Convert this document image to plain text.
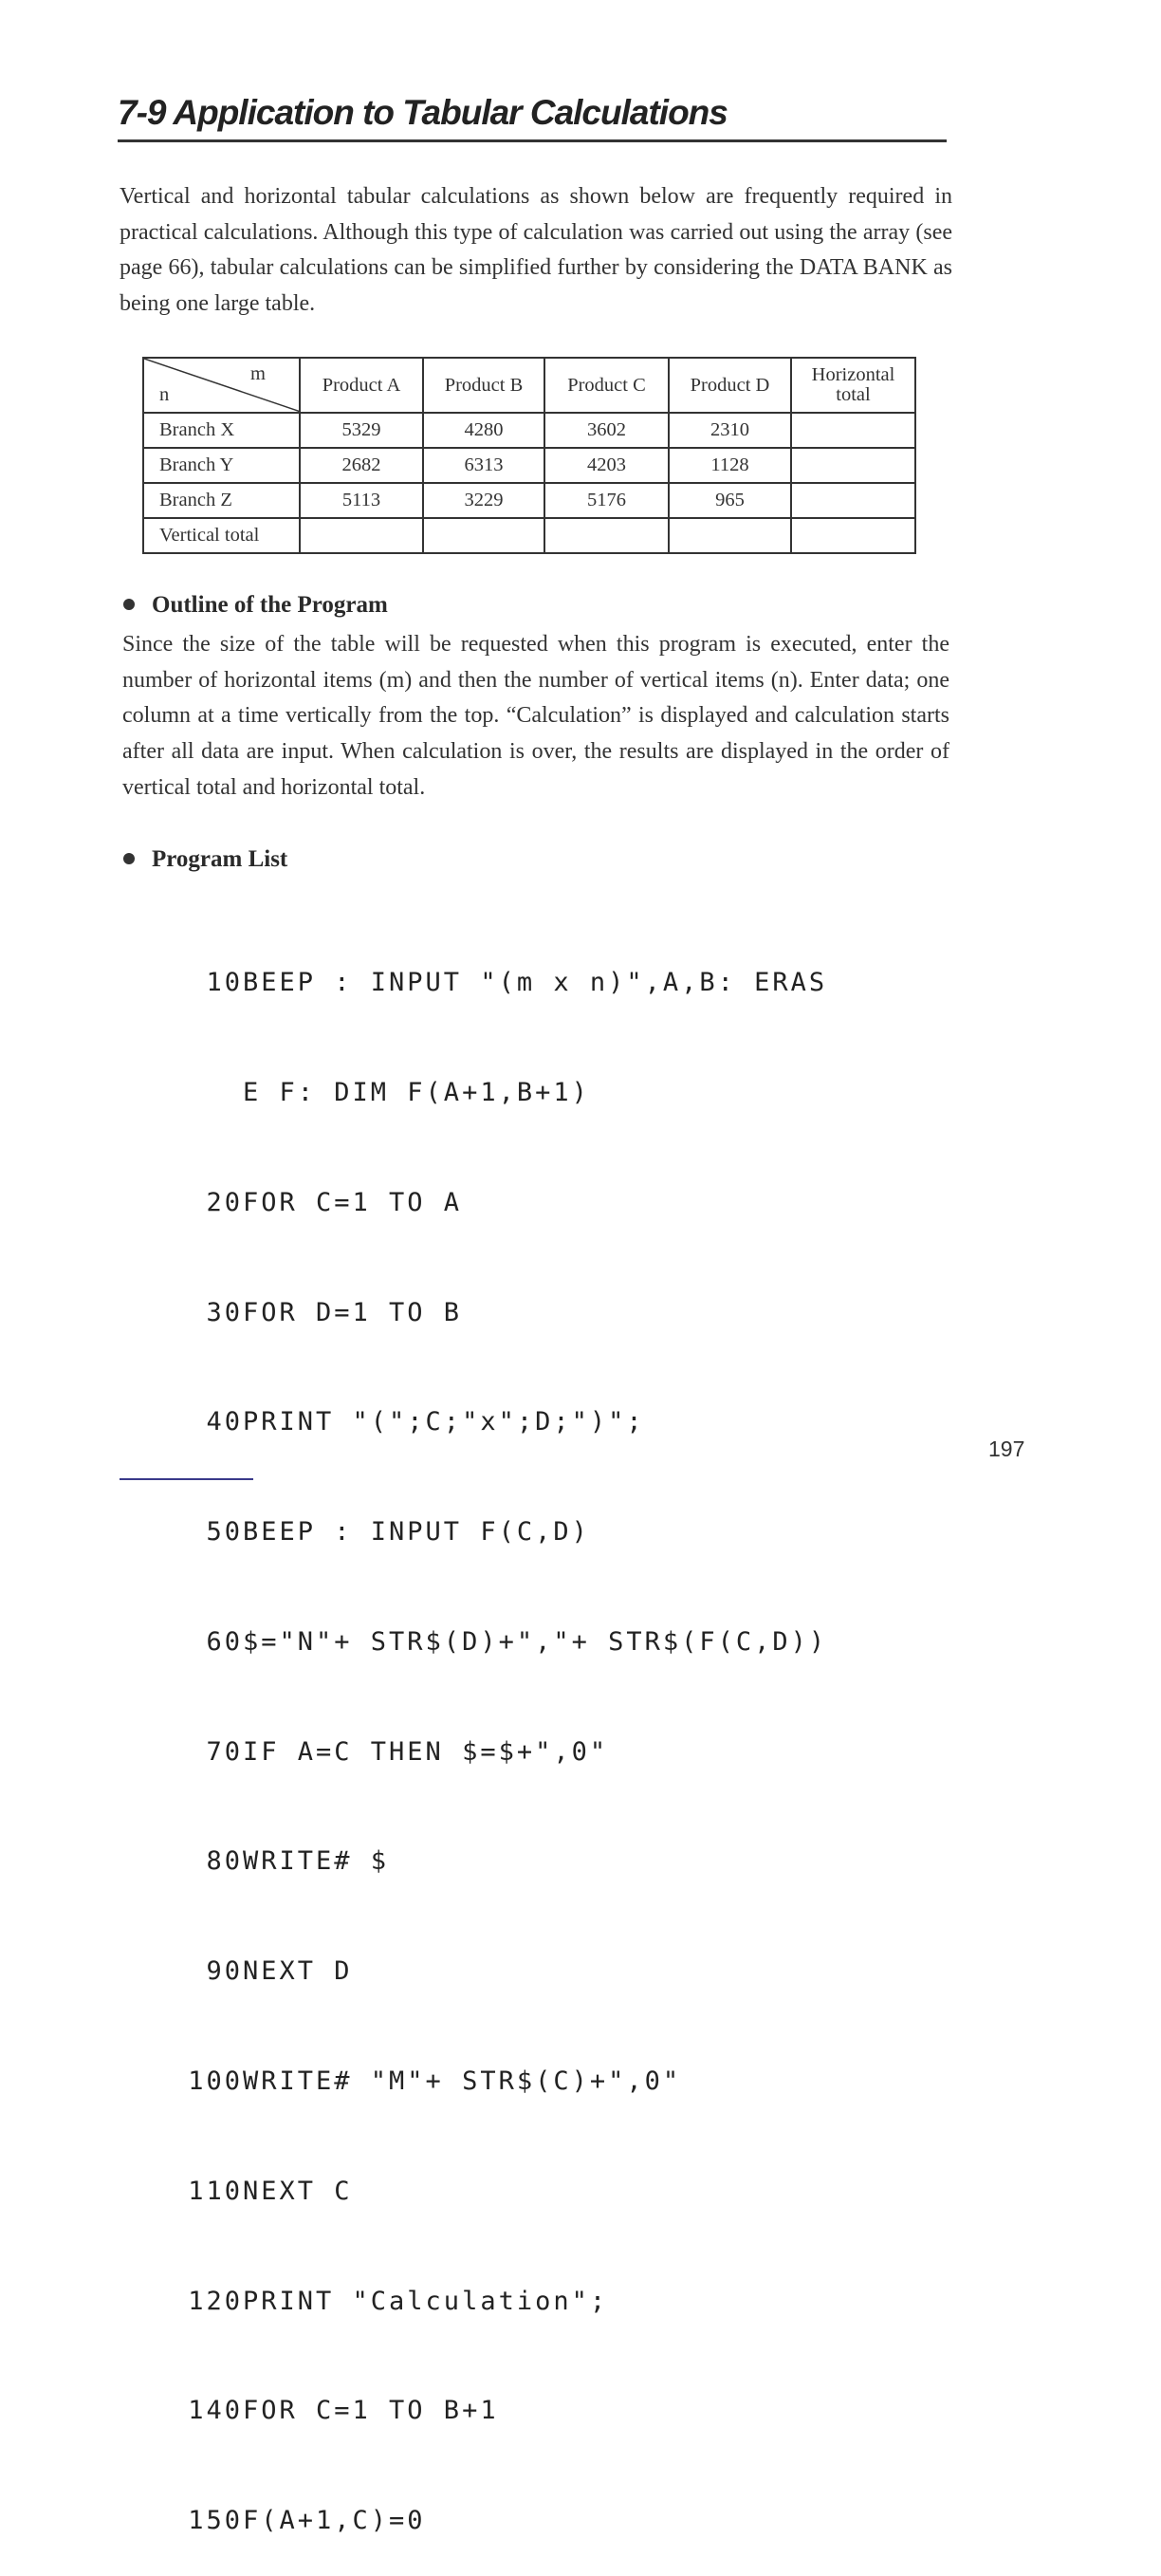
7-9 Application to Tabular Calculations

Vertical and horizontal tabular calculations as shown below are frequently required in practical calculations. Although this type of calculation was carried out using the array (see page 66), tabular calculations can be simplified further by considering the DATA BANK as being one large table.

m
n	Product A	Product B	Product C	Product D	Horizontal total
Branch X	5329	4280	3602	2310	
Branch Y	2682	6313	4203	1128	
Branch Z	5113	3229	5176	965	
Vertical total					
Outline of the Program

Since the size of the table will be requested when this program is executed, enter the number of horizontal items (m) and then the number of vertical items (n). Enter data; one column at a time vertically from the top. “Calculation” is displayed and calculation starts after all data are input. When calculation is over, the results are displayed in the order of vertical total and horizontal total.

Program List

10 BEEP : INPUT "(m x n)",A,B: ERAS

E F: DIM F(A+1,B+1)

20 FOR C=1 TO A

30 FOR D=1 TO B

40 PRINT "(";C;"x";D;")";

50 BEEP : INPUT F(C,D)

60 $="N"+ STR$(D)+","+ STR$(F(C,D))

70 IF A=C THEN $=$+",0"

80 WRITE# $

90 NEXT D

100 WRITE# "M"+ STR$(C)+",0"

110 NEXT C

120 PRINT "Calculation";

140 FOR C=1 TO B+1

150 F(A+1,C)=0

197
